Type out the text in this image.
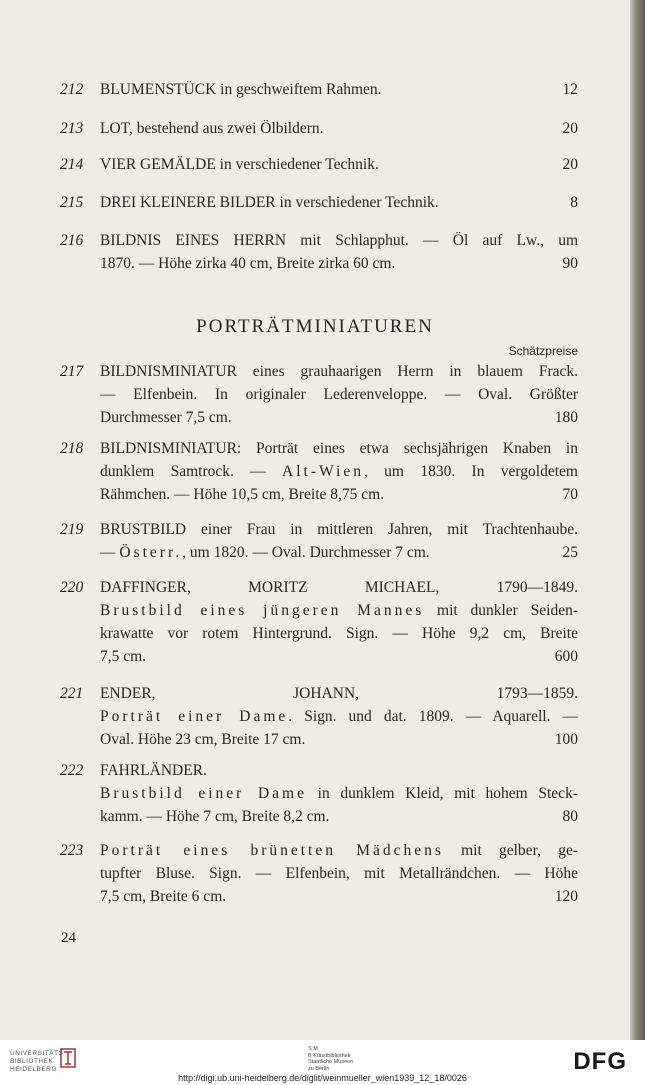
212	BLUMENSTÜCK in geschweiftem Rahmen.	12
213	LOT, bestehend aus zwei Ölbildern.	20
214	VIER GEMÄLDE in verschiedener Technik.	20
215	DREI KLEINERE BILDER in verschiedener Technik.	8
216	BILDNIS EINES HERRN mit Schlapphut. — Öl auf Lw., um
1870. — Höhe zirka 40 cm, Breite zirka 60 cm.	90
PORTRÄTMINIATUREN
Schätzpreise
217	BILDNISMINIATUR eines grauhaarigen Herrn in blauem Frack.
— Elfenbein. In originaler Lederenveloppe. — Oval. Größter
Durchmesser 7,5 cm.	180
218	BILDNISMINIATUR: Porträt eines etwa sechsjährigen Knaben in
dunklem Samtrock. — Alt-Wien, um 1830. In vergoldetem
Rähmchen. — Höhe 10,5 cm, Breite 8,75 cm.	70
219	BRUSTBILD einer Frau in mittleren Jahren, mit Trachtenhaube.
— Österr., um 1820. — Oval. Durchmesser 7 cm.	25
220	DAFFINGER, MORITZ MICHAEL, 1790—1849.
Brustbild eines jüngeren Mannes mit dunkler Seiden-
krawatte vor rotem Hintergrund. Sign. — Höhe 9,2 cm, Breite
7,5 cm.	600
221	ENDER, JOHANN, 1793—1859.
Porträt einer Dame. Sign. und dat. 1809. — Aquarell. —
Oval. Höhe 23 cm, Breite 17 cm.	100
222	FAHRLÄNDER.
Brustbild einer Dame in dunklem Kleid, mit hohem Steck-
kamm. — Höhe 7 cm, Breite 8,2 cm.	80
223	Porträt eines brünetten Mädchens mit gelber, ge-
tupfter Bluse. Sign. — Elfenbein, mit Metallrändchen. — Höhe
7,5 cm, Breite 6 cm.	120
24
UNIVERSITÄTS
BIBLIOTHEK
HEIDELBERG
S M
B Kunstbibliothek
Staatliche Museen
zu Berlin	DFG
http://digi.ub.uni-heidelberg.de/diglit/weinmueller_wien1939_12_18/0026
